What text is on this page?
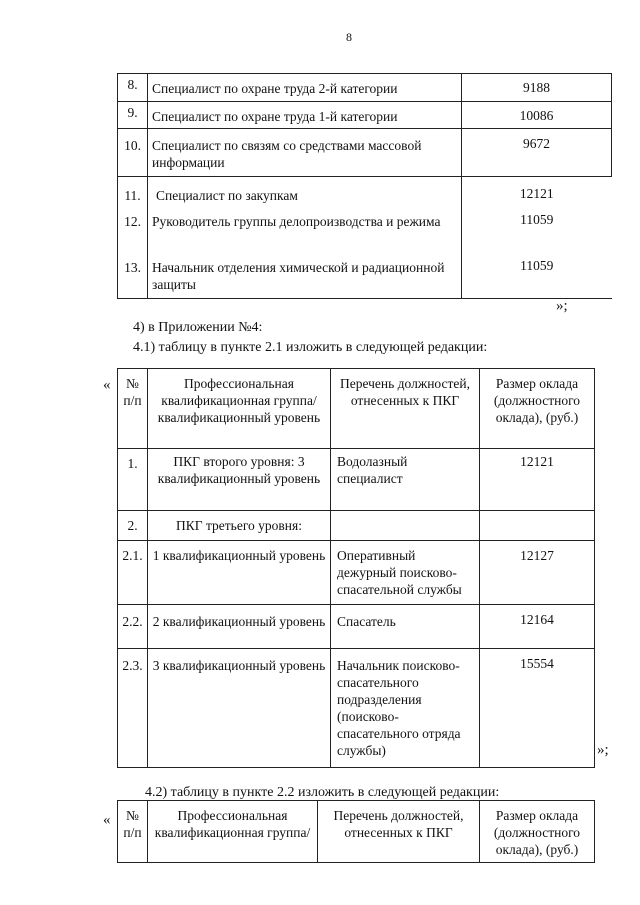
8
8.	Специалист по охране труда 2-й категории	9188
9.	Специалист по охране труда 1-й категории	10086
10.	Специалист по связям со средствами массовой информации	9672
11.	Специалист по закупкам	12121
12.	Руководитель группы делопроизводства и режима	11059
13.	Начальник отделения химической и радиационной защиты	11059
»;
4) в Приложении №4:
4.1) таблицу в пункте 2.1 изложить в следующей редакции:
« № п/п	Профессиональная квалификационная группа/ квалификационный уровень	Перечень должностей, отнесенных к ПКГ	Размер оклада (должностного оклада), (руб.)
1.	ПКГ второго уровня: 3 квалификационный уровень	Водолазный специалист	12121
2.	ПКГ третьего уровня:		
2.1.	1 квалификационный уровень	Оперативный дежурный поисково-спасательной службы	12127
2.2.	2 квалификационный уровень	Спасатель	12164
2.3.	3 квалификационный уровень	Начальник поисково-спасательного подразделения (поисково-спасательного отряда службы)	15554
»;
4.2) таблицу в пункте 2.2 изложить в следующей редакции:
« № п/п	Профессиональная квалификационная группа/	Перечень должностей, отнесенных к ПКГ	Размер оклада (должностного оклада), (руб.)
